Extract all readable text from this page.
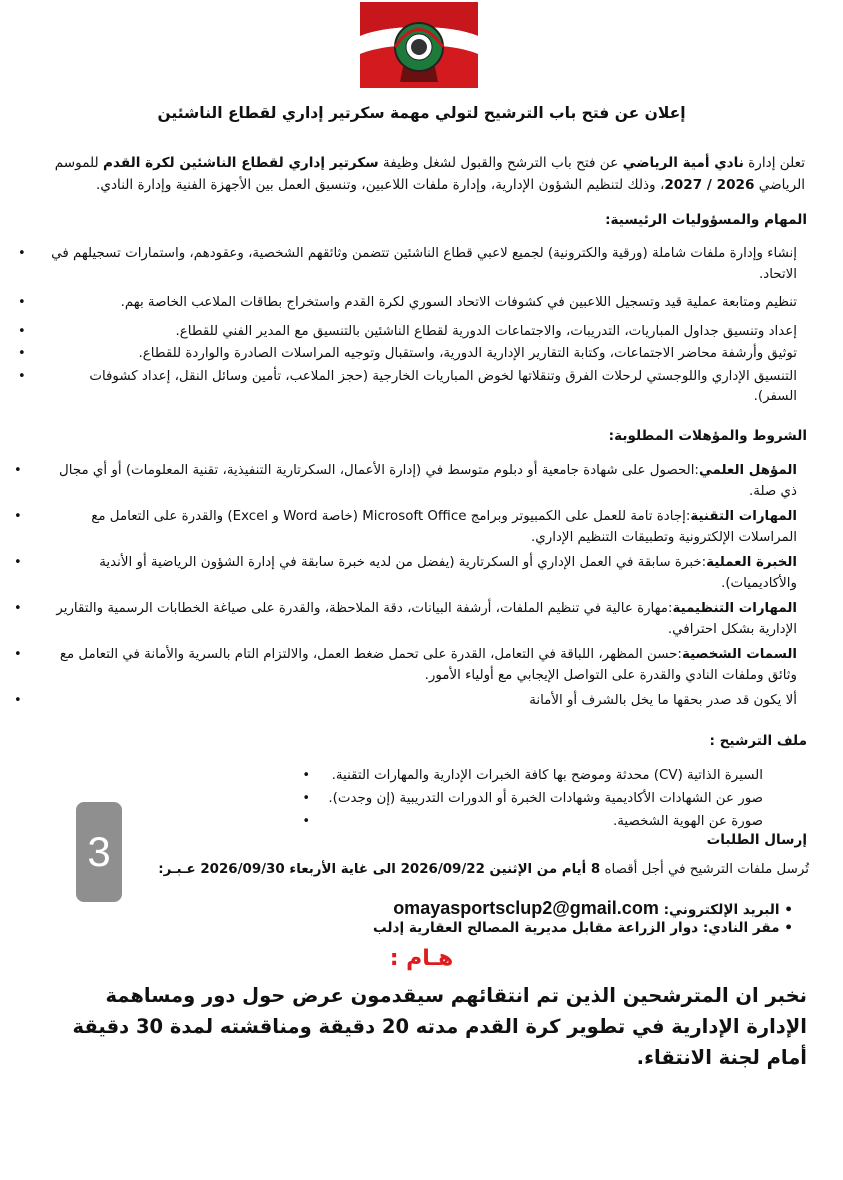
إعلان عن فتح باب الترشيح لتولي مهمة سكرتير إداري لقطاع الناشئين
تعلن إدارة نادي أمية الرياضي عن فتح باب الترشح والقبول لشغل وظيفة سكرتير إداري لقطاع الناشئين لكرة القدم للموسم الرياضي 2027 / 2026، وذلك لتنظيم الشؤون الإدارية، وإدارة ملفات اللاعبين، وتنسيق العمل بين الأجهزة الفنية وإدارة النادي.
المهام والمسؤوليات الرئيسية:
إنشاء وإدارة ملفات شاملة (ورقية والكترونية) لجميع لاعبي قطاع الناشئين تتضمن وثائقهم الشخصية، وعقودهم، واستمارات تسجيلهم في الاتحاد. •
تنظيم ومتابعة عملية قيد وتسجيل اللاعبين في كشوفات الاتحاد السوري لكرة القدم واستخراج بطاقات الملاعب الخاصة بهم. •
إعداد وتنسيق جداول المباريات، التدريبات، والاجتماعات الدورية لقطاع الناشئين بالتنسيق مع المدير الفني للقطاع. •
توثيق وأرشفة محاضر الاجتماعات، وكتابة التقارير الإدارية الدورية، واستقبال وتوجيه المراسلات الصادرة والواردة للقطاع. •
التنسيق الإداري واللوجستي لرحلات الفرق وتنقلاتها لخوض المباريات الخارجية (حجز الملاعب، تأمين وسائل النقل، إعداد كشوفات السفر). •
الشروط والمؤهلات المطلوبة:
المؤهل العلمي:الحصول على شهادة جامعية أو دبلوم متوسط في (إدارة الأعمال، السكرتارية التنفيذية، تقنية المعلومات) أو أي مجال ذي صلة. •
المهارات التقنية:إجادة تامة للعمل على الكمبيوتر وبرامج Microsoft Office (خاصة Word و Excel) والقدرة على التعامل مع المراسلات الإلكترونية وتطبيقات التنظيم الإداري. •
الخبرة العملية:خبرة سابقة في العمل الإداري أو السكرتارية (يفضل من لديه خبرة سابقة في إدارة الشؤون الرياضية أو الأندية والأكاديميات). •
المهارات التنظيمية:مهارة عالية في تنظيم الملفات، أرشفة البيانات، دقة الملاحظة، والقدرة على صياغة الخطابات الرسمية والتقارير الإدارية بشكل احترافي. •
السمات الشخصية:حسن المظهر، اللباقة في التعامل، القدرة على تحمل ضغط العمل، والالتزام التام بالسرية والأمانة في التعامل مع وثائق وملفات النادي والقدرة على التواصل الإيجابي مع أولياء الأمور. •
ألا يكون قد صدر بحقها ما يخل بالشرف أو الأمانة •
ملف الترشيح :
السيرة الذاتية (CV) محدثة وموضح بها كافة الخبرات الإدارية والمهارات التقنية. •
صور عن الشهادات الأكاديمية وشهادات الخبرة أو الدورات التدريبية (إن وجدت). •
صورة عن الهوية الشخصية. •
3	إرسال الطلبات
تُرسل ملفات الترشيح في أجل أقصاه 8 أيام من الإثنين 2026/09/22 الى غاية الأربعاء 2026/09/30 عـبـر:
• البريد الإلكتروني: omayasportsclup2@gmail.com
• مقر النادي: دوار الزراعة مقابل مديرية المصالح العقارية إدلب
هـام :
نخبر ان المترشحين الذين تم انتقائهم سيقدمون عرض حول دور ومساهمة الإدارة الإدارية في تطوير كرة القدم مدته 20 دقيقة ومناقشته لمدة 30 دقيقة أمام لجنة الانتقاء.
